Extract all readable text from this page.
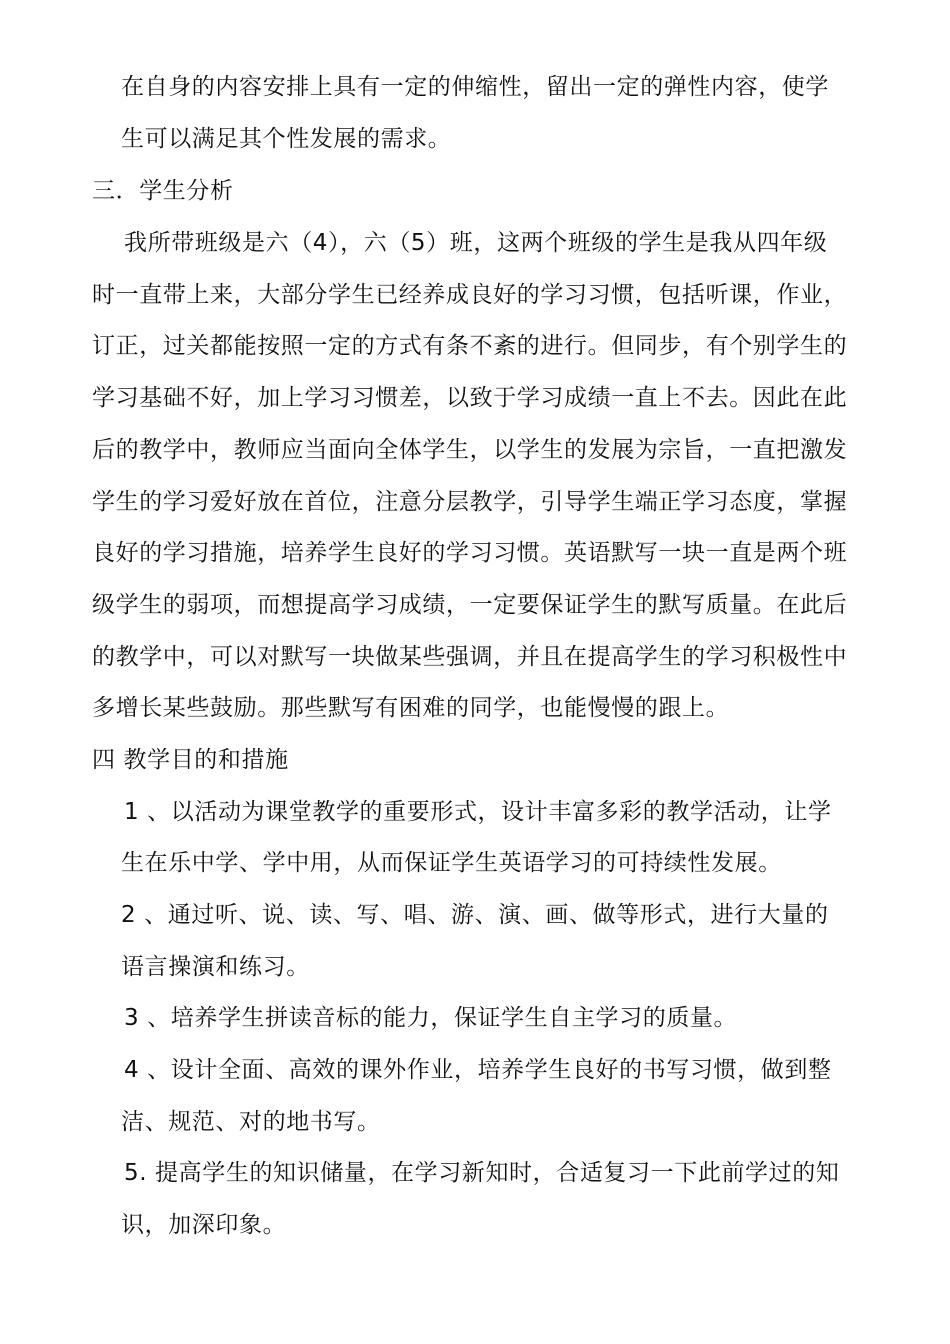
在自身的内容安排上具有一定的伸缩性，留出一定的弹性内容，使学
生可以满足其个性发展的需求。
三．学生分析
我所带班级是六（4），六（5）班，这两个班级的学生是我从四年级
时一直带上来，大部分学生已经养成良好的学习习惯，包括听课，作业，
订正，过关都能按照一定的方式有条不紊的进行。但同步，有个别学生的
学习基础不好，加上学习习惯差，以致于学习成绩一直上不去。因此在此
后的教学中，教师应当面向全体学生，以学生的发展为宗旨，一直把激发
学生的学习爱好放在首位，注意分层教学，引导学生端正学习态度，掌握
良好的学习措施，培养学生良好的学习习惯。英语默写一块一直是两个班
级学生的弱项，而想提高学习成绩，一定要保证学生的默写质量。在此后
的教学中，可以对默写一块做某些强调，并且在提高学生的学习积极性中
多增长某些鼓励。那些默写有困难的同学，也能慢慢的跟上。
四 教学目的和措施
1 、以活动为课堂教学的重要形式，设计丰富多彩的教学活动，让学
生在乐中学、学中用，从而保证学生英语学习的可持续性发展。
2 、通过听、说、读、写、唱、游、演、画、做等形式，进行大量的
语言操演和练习。
3 、培养学生拼读音标的能力，保证学生自主学习的质量。
4 、设计全面、高效的课外作业，培养学生良好的书写习惯，做到整
洁、规范、对的地书写。
5. 提高学生的知识储量，在学习新知时，合适复习一下此前学过的知
识，加深印象。
